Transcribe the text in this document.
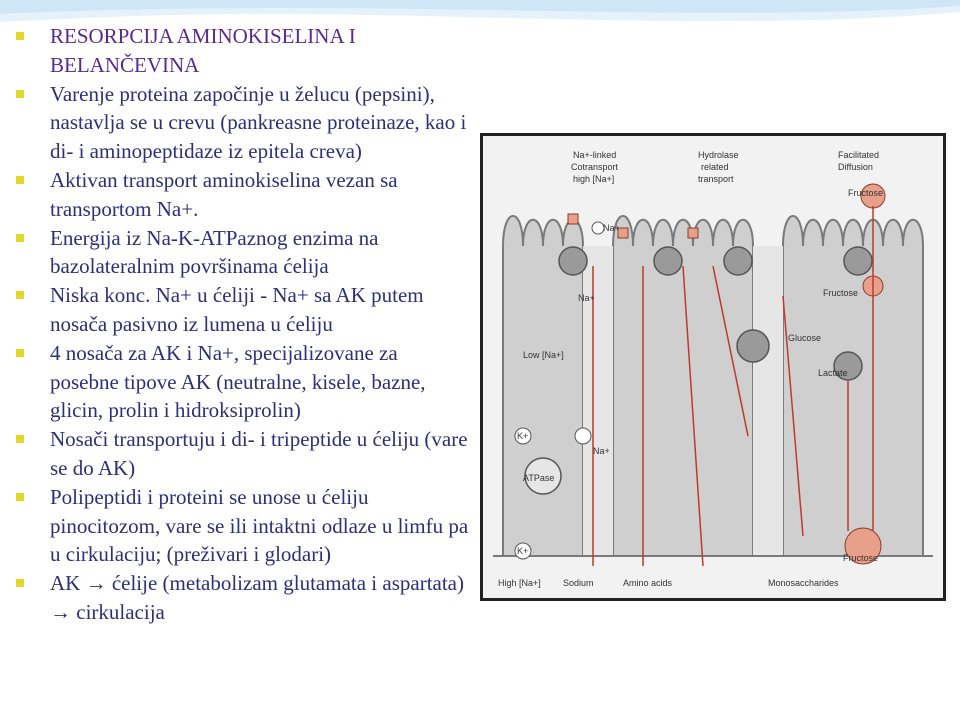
RESORPCIJA AMINOKISELINA I BELANČEVINA
Varenje proteina započinje u želucu (pepsini), nastavlja se u crevu (pankreasne proteinaze, kao i di- i aminopeptidaze iz epitela creva)
Aktivan transport aminokiselina vezan sa transportom Na+.
Energija iz Na-K-ATPaznog enzima na bazolateralnim površinama ćelija
Niska konc. Na+ u ćeliji - Na+ sa AK putem nosača pasivno iz lumena u ćeliju
4 nosača za AK i Na+, specijalizovane za posebne tipove AK (neutralne, kisele, bazne, glicin, prolin i hidroksiprolin)
Nosači transportuju i di- i tripeptide u ćeliju (vare se do AK)
Polipeptidi i proteini se unose u ćeliju pinocitozom, vare se ili intaktni odlaze u limfu pa u cirkulaciju; (preživari i glodari)
AK → ćelije (metabolizam glutamata i aspartata) → cirkulacija
Na+-linked
Cotransport
high [Na+]
Hydrolase
related
transport
Facilitated
Diffusion
Fructose
Na+
Na+	Fructose
Glucose
Lactate
Low [Na+]
K+
Na+
ATPase
K+
Fructose
High [Na+] Sodium	Amino acids	Monosaccharides
